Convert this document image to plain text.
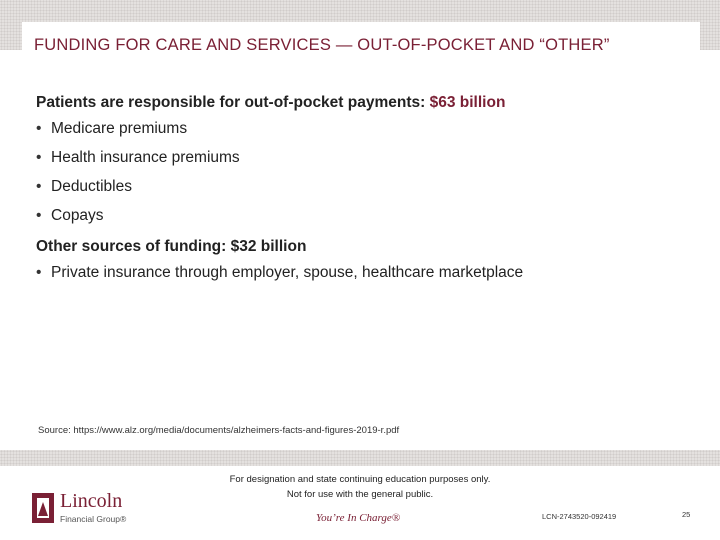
FUNDING FOR CARE AND SERVICES — OUT-OF-POCKET AND “OTHER”

Patients are responsible for out-of-pocket payments: $63 billion

• Medicare premiums
• Health insurance premiums
• Deductibles
• Copays

Other sources of funding: $32 billion

• Private insurance through employer, spouse, healthcare marketplace
Source: https://www.alz.org/media/documents/alzheimers-facts-and-figures-2019-r.pdf
For designation and state continuing education purposes only.
Not for use with the general public.
Lincoln
Financial Group®	You’re In Charge®	LCN-2743520-092419	25
